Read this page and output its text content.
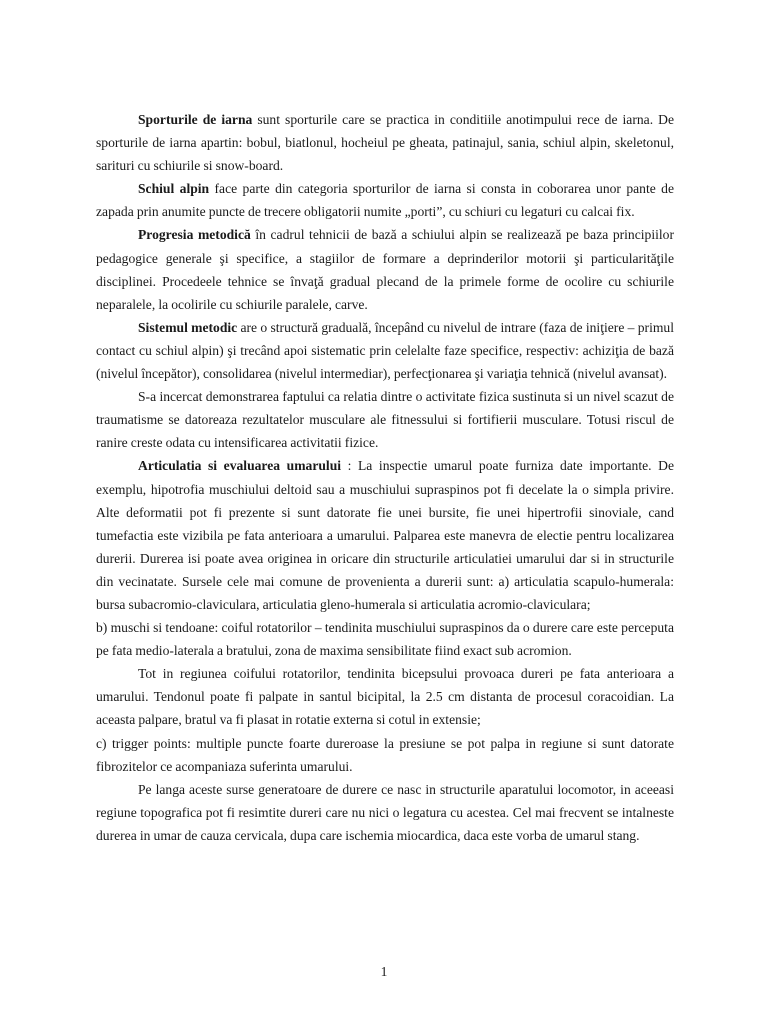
Sporturile de iarna sunt sporturile care se practica in conditiile anotimpului rece de iarna. De sporturile de iarna apartin: bobul, biatlonul, hocheiul pe gheata, patinajul, sania, schiul alpin, skeletonul, sarituri cu schiurile si snow-board.

Schiul alpin face parte din categoria sporturilor de iarna si consta in coborarea unor pante de zapada prin anumite puncte de trecere obligatorii numite „porti”, cu schiuri cu legaturi cu calcai fix.

Progresia metodică în cadrul tehnicii de bază a schiului alpin se realizează pe baza principiilor pedagogice generale şi specifice, a stagiilor de formare a deprinderilor motorii şi particularităţile disciplinei. Procedeele tehnice se învaţă gradual plecand de la primele forme de ocolire cu schiurile neparalele, la ocolirile cu schiurile paralele, carve.

Sistemul metodic are o structură graduală, începând cu nivelul de intrare (faza de iniţiere – primul contact cu schiul alpin) şi trecând apoi sistematic prin celelalte faze specifice, respectiv: achiziţia de bază (nivelul începător), consolidarea (nivelul intermediar), perfecţionarea şi variaţia tehnică (nivelul avansat).

S-a incercat demonstrarea faptului ca relatia dintre o activitate fizica sustinuta si un nivel scazut de traumatisme se datoreaza rezultatelor musculare ale fitnessului si fortifierii musculare. Totusi riscul de ranire creste odata cu intensificarea activitatii fizice.

Articulatia si evaluarea umarului : La inspectie umarul poate furniza date importante. De exemplu, hipotrofia muschiului deltoid sau a muschiului supraspinos pot fi decelate la o simpla privire. Alte deformatii pot fi prezente si sunt datorate fie unei bursite, fie unei hipertrofii sinoviale, cand tumefactia este vizibila pe fata anterioara a umarului. Palparea este manevra de electie pentru localizarea durerii. Durerea isi poate avea originea in oricare din structurile articulatiei umarului dar si in structurile din vecinatate. Sursele cele mai comune de provenienta a durerii sunt: a) articulatia scapulo-humerala: bursa subacromio-claviculara, articulatia gleno-humerala si articulatia acromio-claviculara;

b) muschi si tendoane: coiful rotatorilor – tendinita muschiului supraspinos da o durere care este perceputa pe fata medio-laterala a bratului, zona de maxima sensibilitate fiind exact sub acromion.

Tot in regiunea coifului rotatorilor, tendinita bicepsului provoaca dureri pe fata anterioara a umarului. Tendonul poate fi palpate in santul bicipital, la 2.5 cm distanta de procesul coracoidian. La aceasta palpare, bratul va fi plasat in rotatie externa si cotul in extensie;

c) trigger points: multiple puncte foarte dureroase la presiune se pot palpa in regiune si sunt datorate fibrozitelor ce acompaniaza suferinta umarului.

Pe langa aceste surse generatoare de durere ce nasc in structurile aparatului locomotor, in aceeasi regiune topografica pot fi resimtite dureri care nu nici o legatura cu acestea. Cel mai frecvent se intalneste durerea in umar de cauza cervicala, dupa care ischemia miocardica, daca este vorba de umarul stang.

1
